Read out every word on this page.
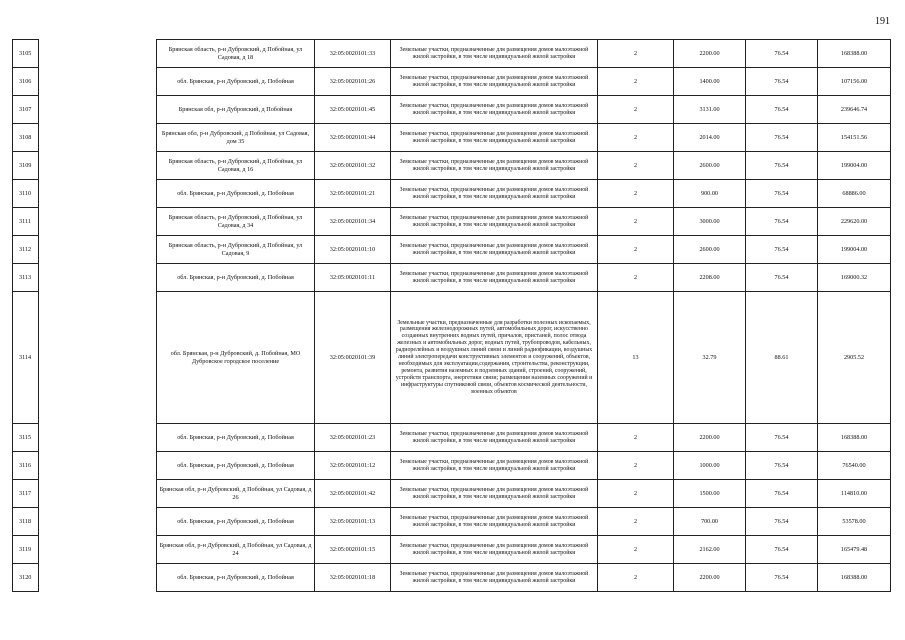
191
3105		Брянская область, р-н Дубровский, д Побойная, ул Садовая, д 18	32:05:0020101:33	Земельные участки, предназначенные для размещения домов малоэтажной жилой застройки, в том числе индивидуальной жилой застройки	2	2200.00	76.54	168388.00
3106		обл. Брянская, р-н Дубровский, д. Побойная	32:05:0020101:26	Земельные участки, предназначенные для размещения домов малоэтажной жилой застройки, в том числе индивидуальной жилой застройки	2	1400.00	76.54	107156.00
3107		Брянская обл, р-н Дубровский, д Побойная	32:05:0020101:45	Земельные участки, предназначенные для размещения домов малоэтажной жилой застройки, в том числе индивидуальной жилой застройки	2	3131.00	76.54	239646.74
3108		Брянская обл, р-н Дубровский, д Побойная, ул Садовая, дом 35	32:05:0020101:44	Земельные участки, предназначенные для размещения домов малоэтажной жилой застройки, в том числе индивидуальной жилой застройки	2	2014.00	76.54	154151.56
3109		Брянская область, р-н Дубровский, д Побойная, ул Садовая, д 16	32:05:0020101:32	Земельные участки, предназначенные для размещения домов малоэтажной жилой застройки, в том числе индивидуальной жилой застройки	2	2600.00	76.54	199004.00
3110		обл. Брянская, р-н Дубровский, д. Побойная	32:05:0020101:21	Земельные участки, предназначенные для размещения домов малоэтажной жилой застройки, в том числе индивидуальной жилой застройки	2	900.00	76.54	68886.00
3111		Брянская область, р-н Дубровский, д Побойная, ул Садовая, д 34	32:05:0020101:34	Земельные участки, предназначенные для размещения домов малоэтажной жилой застройки, в том числе индивидуальной жилой застройки	2	3000.00	76.54	229620.00
3112		Брянская область, р-н Дубровский, д Побойная, ул Садовая, 9	32:05:0020101:10	Земельные участки, предназначенные для размещения домов малоэтажной жилой застройки, в том числе индивидуальной жилой застройки	2	2600.00	76.54	199004.00
3113		обл. Брянская, р-н Дубровский, д. Побойная	32:05:0020101:11	Земельные участки, предназначенные для размещения домов малоэтажной жилой застройки, в том числе индивидуальной жилой застройки	2	2208.00	76.54	169000.32
3114		обл. Брянская, р-н Дубровский, д. Побойная, МО Дубровское городское поселение	32:05:0020101:39	Земельные участки, предназначенные для разработки полезных ископаемых, размещения железнодорожных путей, автомобильных дорог, искусственно созданных внутренних водных путей, причалов, пристаней, полос отвода железных и автомобильных дорог, водных путей, трубопроводов, кабельных, радиорелейных и воздушных линий связи и линий радиофикации, воздушных линий электропередачи конструктивных элементов и сооружений, объектов, необходимых для эксплуатации,содержания, строительства, реконструкции, ремонта, развития наземных и подземных зданий, строений, сооружений, устройств транспорта, энергетики связи; размещения наземных сооружений и инфраструктуры спутниковой связи, объектов космической деятельности, военных объектов	13	32.79	88.61	2905.52
3115		обл. Брянская, р-н Дубровский, д. Побойная	32:05:0020101:23	Земельные участки, предназначенные для размещения домов малоэтажной жилой застройки, в том числе индивидуальной жилой застройки	2	2200.00	76.54	168388.00
3116		обл. Брянская, р-н Дубровский, д. Побойная	32:05:0020101:12	Земельные участки, предназначенные для размещения домов малоэтажной жилой застройки, в том числе индивидуальной жилой застройки	2	1000.00	76.54	76540.00
3117		Брянская обл, р-н Дубровский, д Побойная, ул Садовая, д 26	32:05:0020101:42	Земельные участки, предназначенные для размещения домов малоэтажной жилой застройки, в том числе индивидуальной жилой застройки	2	1500.00	76.54	114810.00
3118		обл. Брянская, р-н Дубровский, д. Побойная	32:05:0020101:13	Земельные участки, предназначенные для размещения домов малоэтажной жилой застройки, в том числе индивидуальной жилой застройки	2	700.00	76.54	53578.00
3119		Брянская обл, р-н Дубровский, д Побойная, ул Садовая, д 24	32:05:0020101:15	Земельные участки, предназначенные для размещения домов малоэтажной жилой застройки, в том числе индивидуальной жилой застройки	2	2162.00	76.54	165479.48
3120		обл. Брянская, р-н Дубровский, д. Побойная	32:05:0020101:18	Земельные участки, предназначенные для размещения домов малоэтажной жилой застройки, в том числе индивидуальной жилой застройки	2	2200.00	76.54	168388.00
